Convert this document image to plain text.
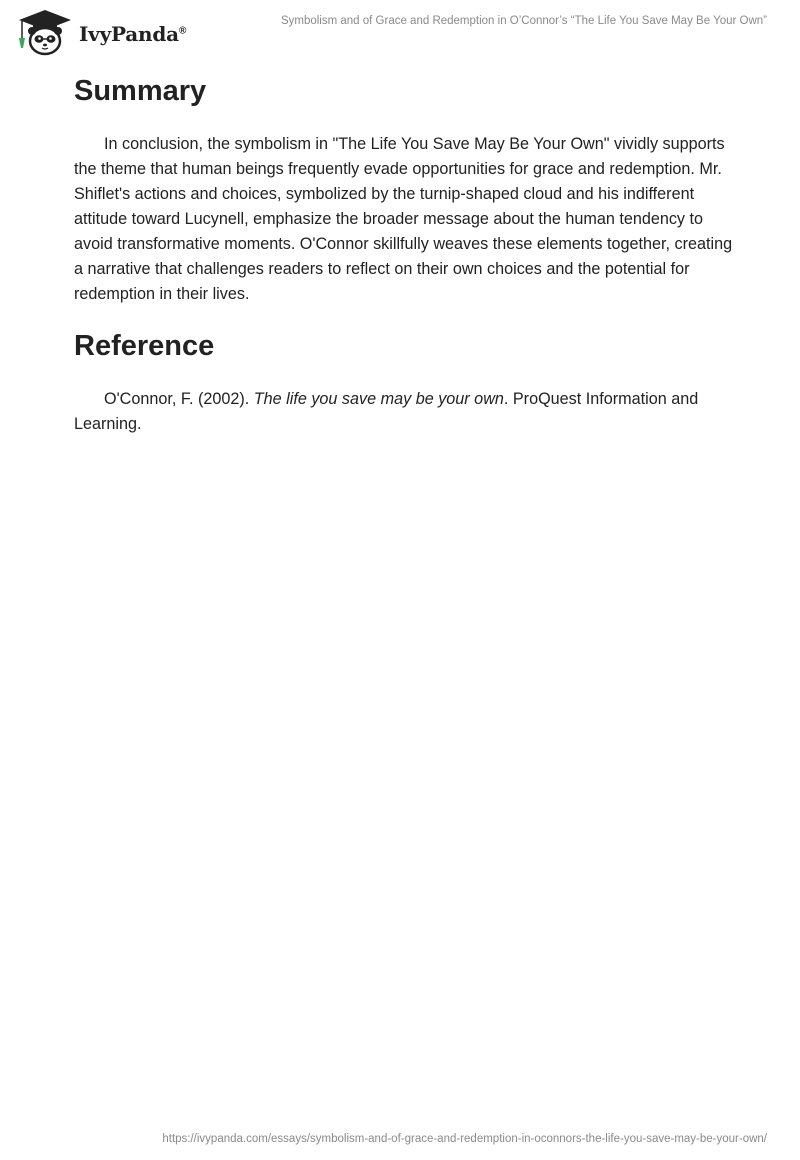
IvyPanda®
Symbolism and of Grace and Redemption in O’Connor’s “The Life You Save May Be Your Own”
Summary

In conclusion, the symbolism in "The Life You Save May Be Your Own" vividly supports the theme that human beings frequently evade opportunities for grace and redemption. Mr. Shiflet's actions and choices, symbolized by the turnip-shaped cloud and his indifferent attitude toward Lucynell, emphasize the broader message about the human tendency to avoid transformative moments. O'Connor skillfully weaves these elements together, creating a narrative that challenges readers to reflect on their own choices and the potential for redemption in their lives.

Reference

O'Connor, F. (2002). The life you save may be your own. ProQuest Information and Learning.

https://ivypanda.com/essays/symbolism-and-of-grace-and-redemption-in-oconnors-the-life-you-save-may-be-your-own/
